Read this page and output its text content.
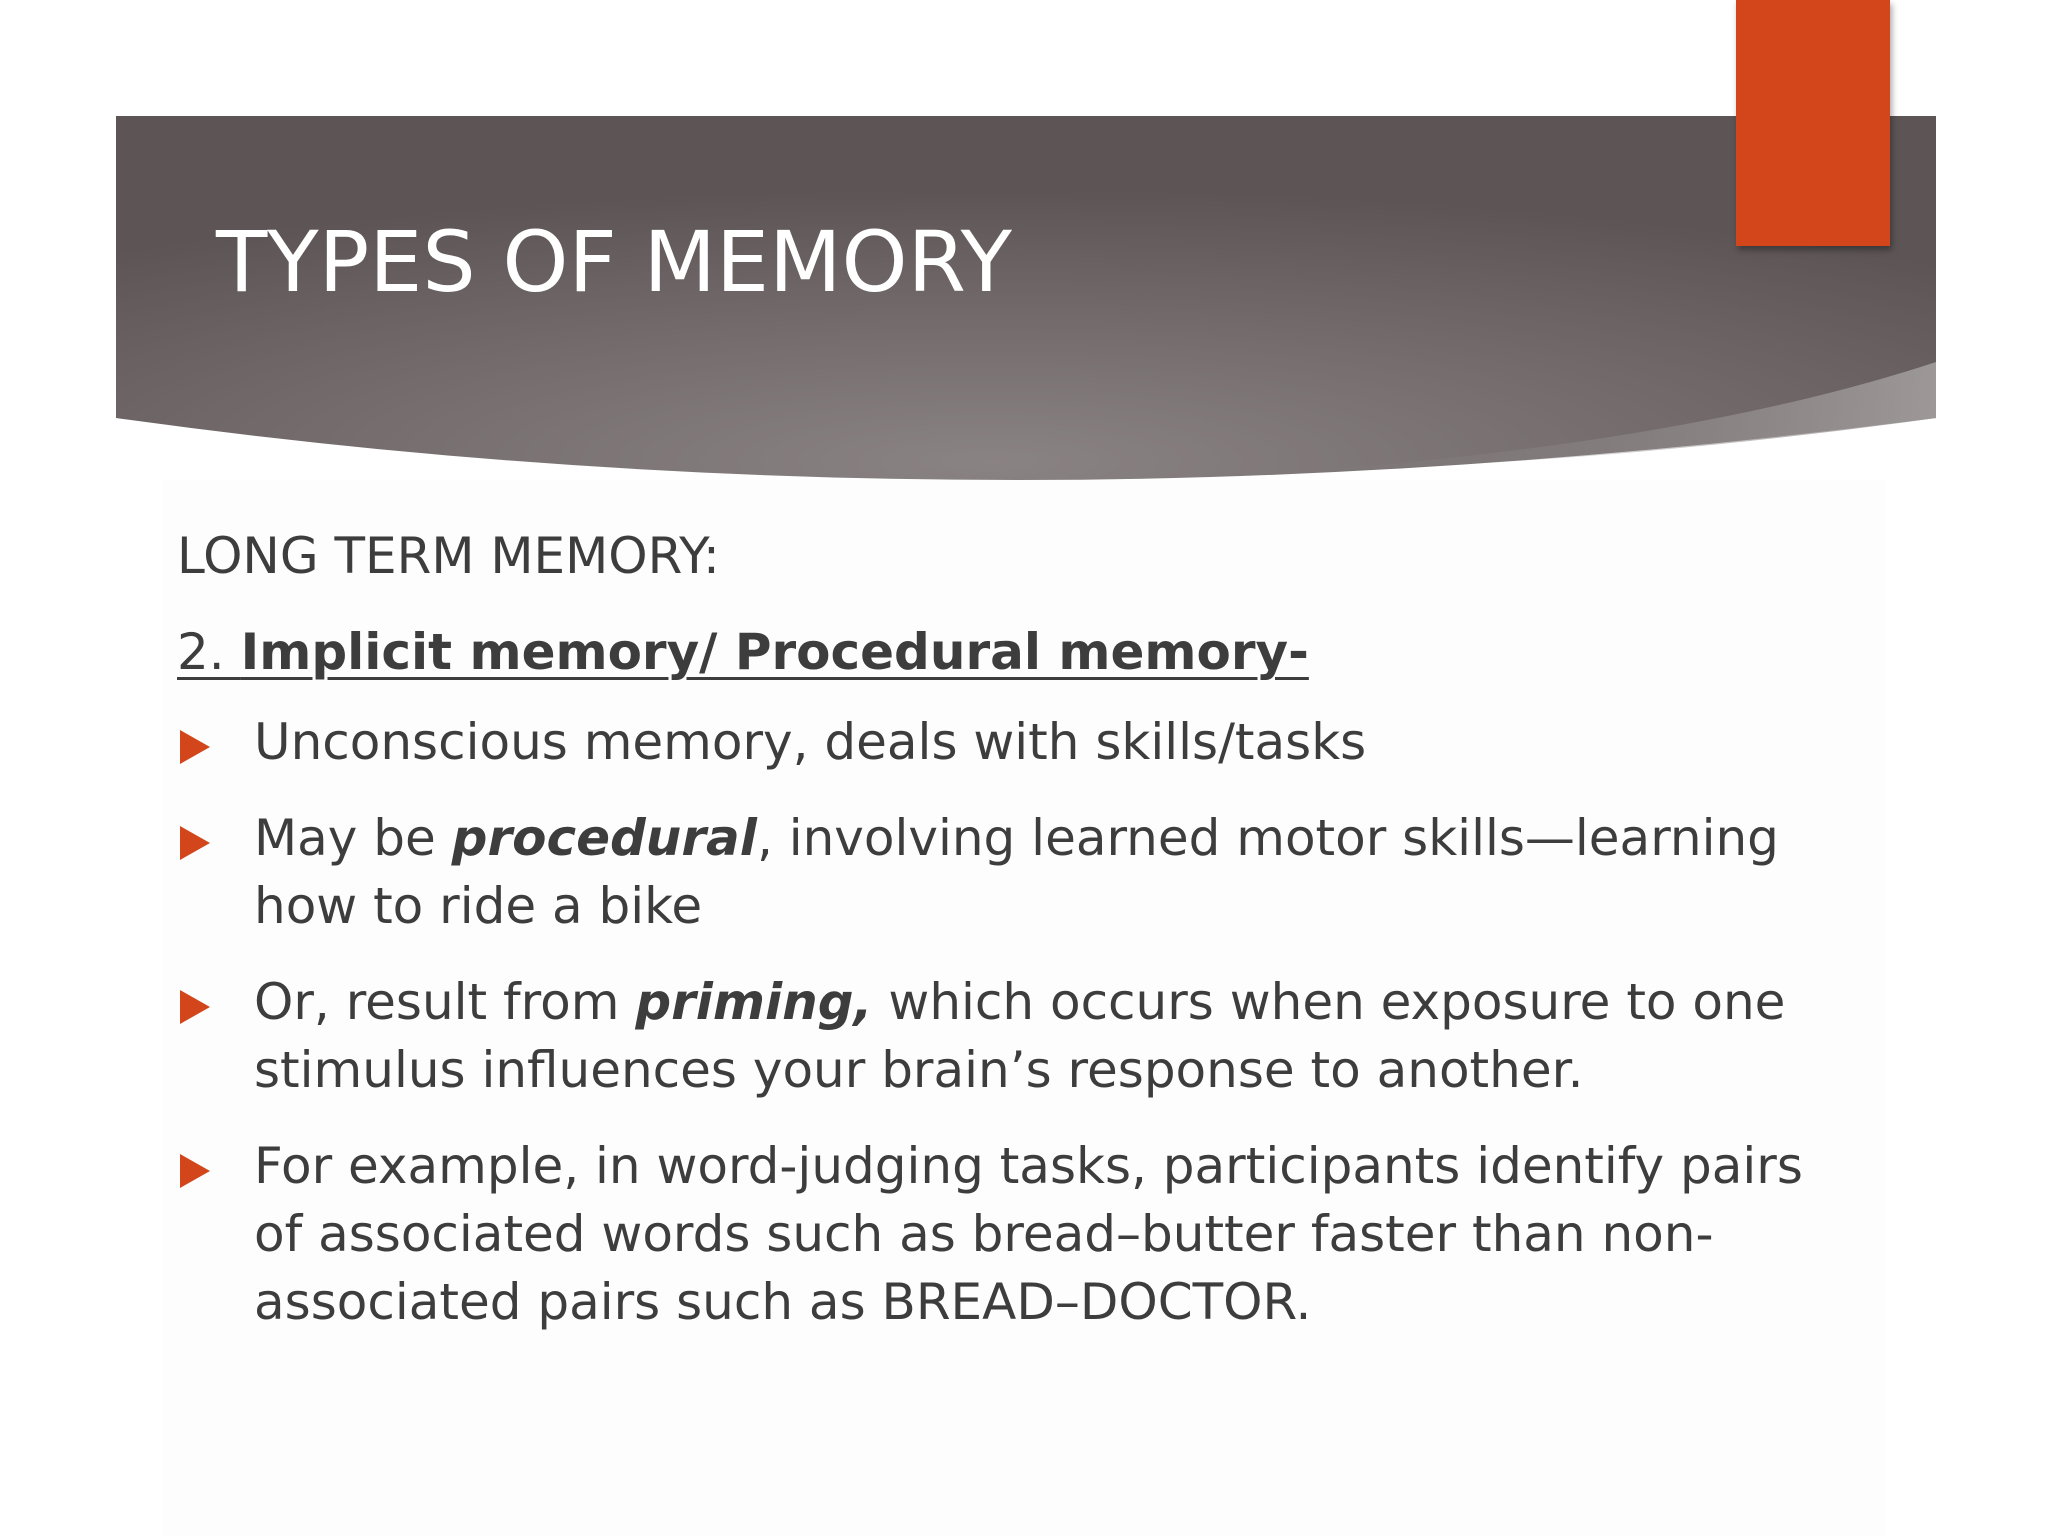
TYPES OF MEMORY

LONG TERM MEMORY:

2. Implicit memory/ Procedural memory-

Unconscious memory, deals with skills/tasks
May be procedural, involving learned motor skills—learning how to ride a bike
Or, result from priming, which occurs when exposure to one stimulus influences your brain’s response to another.
For example, in word-judging tasks, participants identify pairs of associated words such as bread–butter faster than non-associated pairs such as BREAD–DOCTOR.
